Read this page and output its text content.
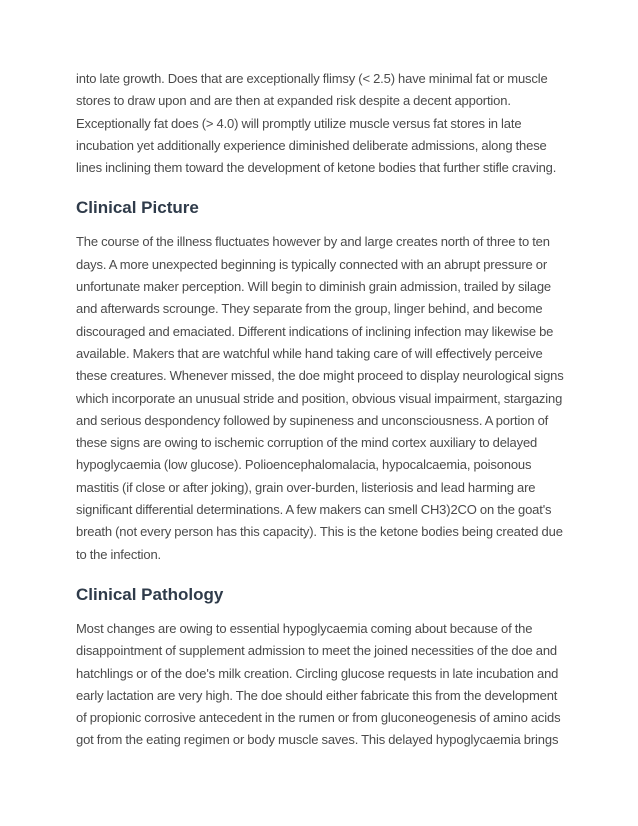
into late growth. Does that are exceptionally flimsy (< 2.5) have minimal fat or muscle stores to draw upon and are then at expanded risk despite a decent apportion. Exceptionally fat does (> 4.0) will promptly utilize muscle versus fat stores in late incubation yet additionally experience diminished deliberate admissions, along these lines inclining them toward the development of ketone bodies that further stifle craving.

Clinical Picture

The course of the illness fluctuates however by and large creates north of three to ten days. A more unexpected beginning is typically connected with an abrupt pressure or unfortunate maker perception. Will begin to diminish grain admission, trailed by silage and afterwards scrounge. They separate from the group, linger behind, and become discouraged and emaciated. Different indications of inclining infection may likewise be available. Makers that are watchful while hand taking care of will effectively perceive these creatures. Whenever missed, the doe might proceed to display neurological signs which incorporate an unusual stride and position, obvious visual impairment, stargazing and serious despondency followed by supineness and unconsciousness. A portion of these signs are owing to ischemic corruption of the mind cortex auxiliary to delayed hypoglycaemia (low glucose). Polioencephalomalacia, hypocalcaemia, poisonous mastitis (if close or after joking), grain over-burden, listeriosis and lead harming are significant differential determinations. A few makers can smell CH3)2CO on the goat's breath (not every person has this capacity). This is the ketone bodies being created due to the infection.

Clinical Pathology

Most changes are owing to essential hypoglycaemia coming about because of the disappointment of supplement admission to meet the joined necessities of the doe and hatchlings or of the doe's milk creation. Circling glucose requests in late incubation and early lactation are very high. The doe should either fabricate this from the development of propionic corrosive antecedent in the rumen or from gluconeogenesis of amino acids got from the eating regimen or body muscle saves. This delayed hypoglycaemia brings
